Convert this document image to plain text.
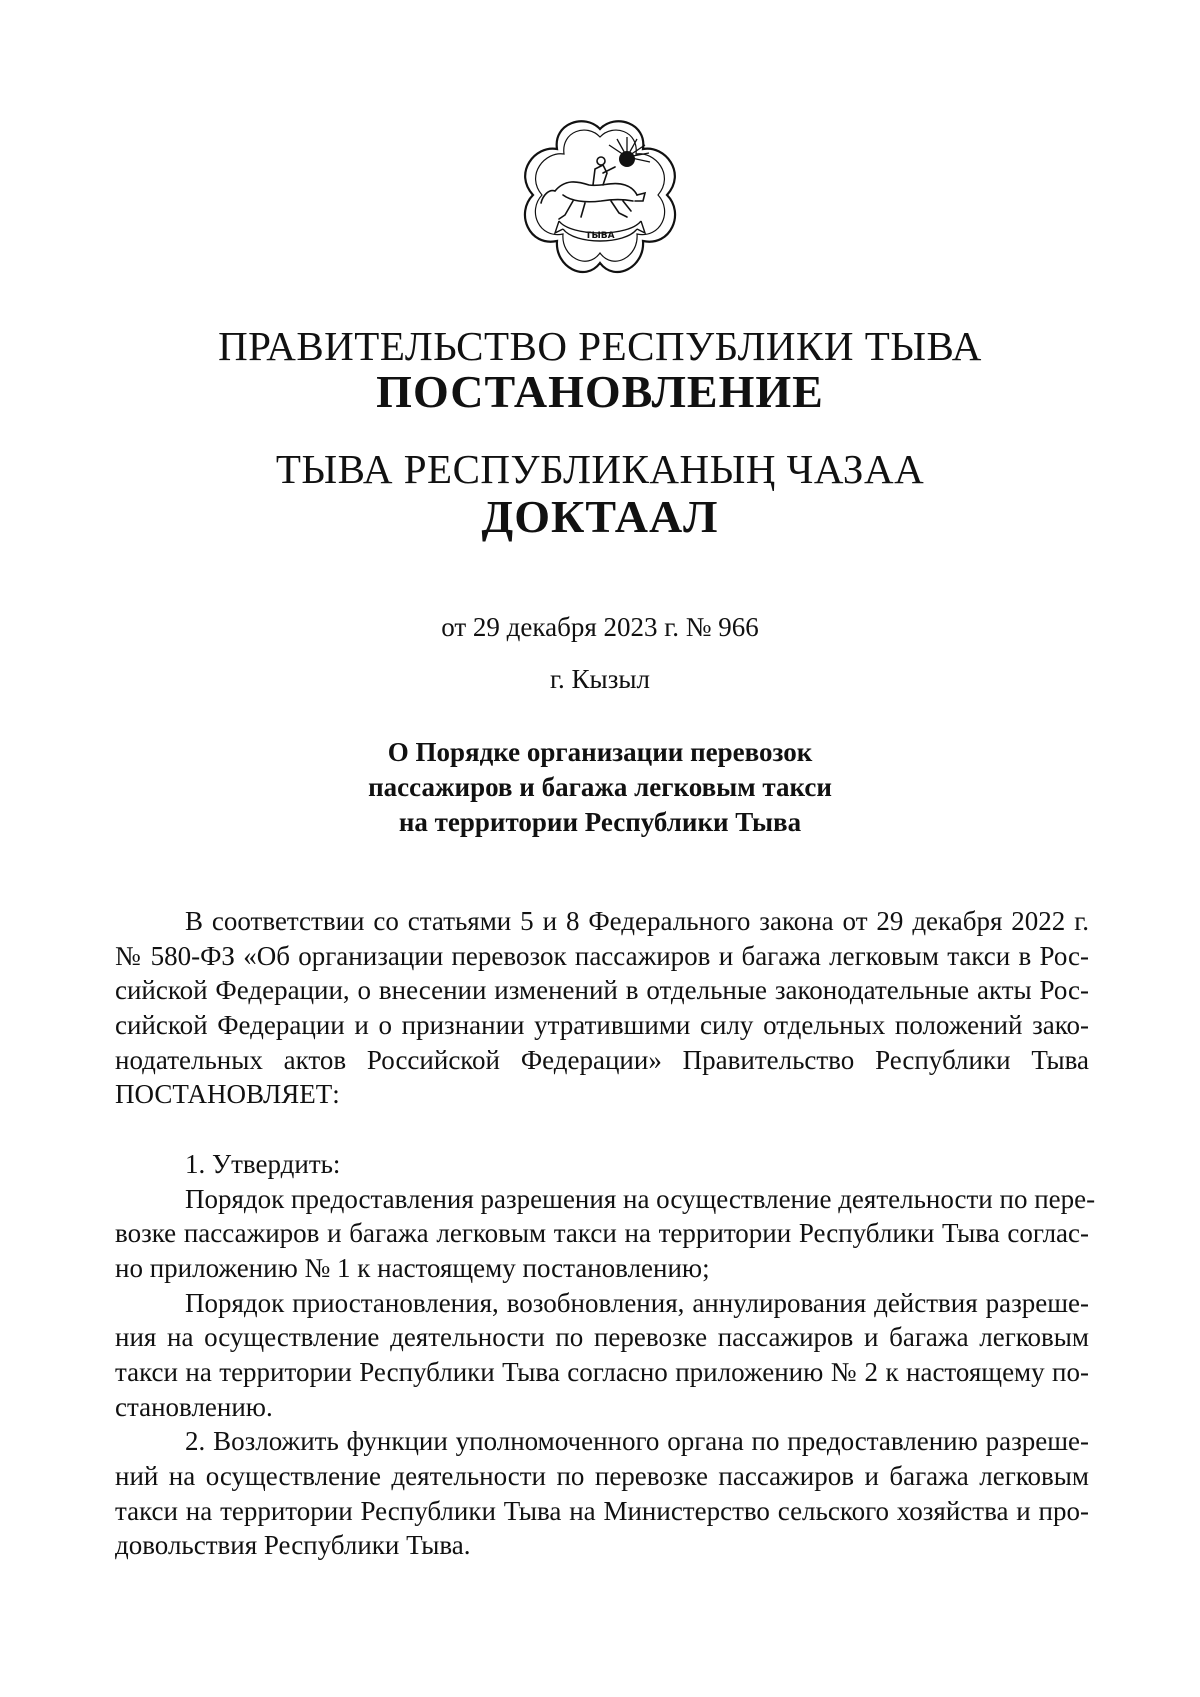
ТЫВА
ПРАВИТЕЛЬСТВО РЕСПУБЛИКИ ТЫВА
ПОСТАНОВЛЕНИЕ
ТЫВА РЕСПУБЛИКАНЫҢ ЧАЗАА
ДОКТААЛ
от 29 декабря 2023 г. № 966
г. Кызыл
О Порядке организации перевозок
пассажиров и багажа легковым такси
на территории Республики Тыва
В соответствии со статьями 5 и 8 Федерального закона от 29 декабря 2022 г.
№ 580-ФЗ «Об организации перевозок пассажиров и багажа легковым такси в Рос-
сийской Федерации, о внесении изменений в отдельные законодательные акты Рос-
сийской Федерации и о признании утратившими силу отдельных положений зако-
нодательных актов Российской Федерации» Правительство Республики Тыва
ПОСТАНОВЛЯЕТ:
1. Утвердить:
Порядок предоставления разрешения на осуществление деятельности по пере-
возке пассажиров и багажа легковым такси на территории Республики Тыва соглас-
но приложению № 1 к настоящему постановлению;
Порядок приостановления, возобновления, аннулирования действия разреше-
ния на осуществление деятельности по перевозке пассажиров и багажа легковым
такси на территории Республики Тыва согласно приложению № 2 к настоящему по-
становлению.
2. Возложить функции уполномоченного органа по предоставлению разреше-
ний на осуществление деятельности по перевозке пассажиров и багажа легковым
такси на территории Республики Тыва на Министерство сельского хозяйства и про-
довольствия Республики Тыва.
